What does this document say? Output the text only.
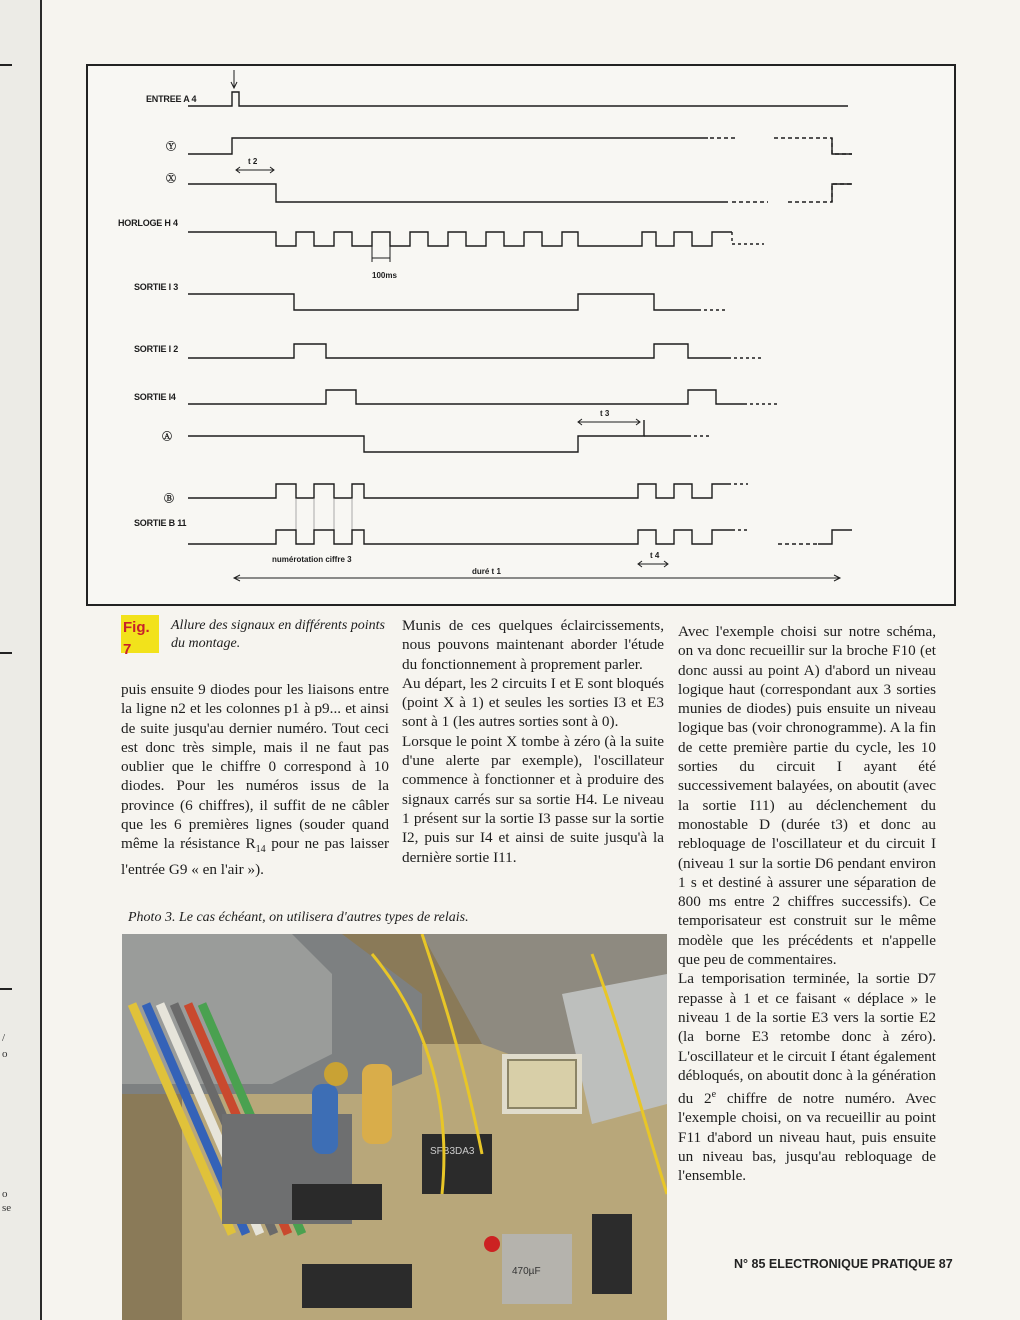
/
o
o
se
ENTREE A 4
Ⓨ
Ⓧ
HORLOGE H 4
SORTIE I 3
SORTIE I 2
SORTIE I4
Ⓐ
Ⓑ
SORTIE B 11
100ms
t 2
t 3
numérotation ciffre 3	t 4
duré t 1
Fig. 7
Allure des signaux en différents points du montage.

puis ensuite 9 diodes pour les liaisons entre la ligne n2 et les colonnes p1 à p9... et ainsi de suite jusqu'au dernier numéro. Tout ceci est donc très simple, mais il ne faut pas oublier que le chiffre 0 correspond à 10 diodes. Pour les numéros issus de la province (6 chiffres), il suffit de ne câbler que les 6 premières lignes (souder quand même la résistance $R_{14}$ pour ne pas laisser l'entrée G9 « en l'air »).

Munis de ces quelques éclaircissements, nous pouvons maintenant aborder l'étude du fonctionnement à proprement parler.

Au départ, les 2 circuits I et E sont bloqués (point X à 1) et seules les sorties I3 et E3 sont à 1 (les autres sorties sont à 0).

Lorsque le point X tombe à zéro (à la suite d'une alerte par exemple), l'oscillateur commence à fonctionner et à produire des signaux carrés sur sa sortie H4. Le niveau 1 présent sur la sortie I3 passe sur la sortie I2, puis sur I4 et ainsi de suite jusqu'à la dernière sortie I11.

Photo 3. Le cas échéant, on utilisera d'autres types de relais.
SFB3DA3
470µF

Avec l'exemple choisi sur notre schéma, on va donc recueillir sur la broche F10 (et donc aussi au point A) d'abord un niveau logique haut (correspondant aux 3 sorties munies de diodes) puis ensuite un niveau logique bas (voir chronogramme). A la fin de cette première partie du cycle, les 10 sorties du circuit I ayant été successivement balayées, on aboutit (avec la sortie I11) au déclenchement du monostable D (durée t3) et donc au rebloquage de l'oscillateur et du circuit I (niveau 1 sur la sortie D6 pendant environ 1 s et destiné à assurer une séparation de 800 ms entre 2 chiffres successifs). Ce temporisateur est construit sur le même modèle que les précédents et n'appelle que peu de commentaires.

La temporisation terminée, la sortie D7 repasse à 1 et ce faisant « déplace » le niveau 1 de la sortie E3 vers la sortie E2 (la borne E3 retombe donc à zéro). L'oscillateur et le circuit I étant également débloqués, on aboutit donc à la génération du 2e chiffre de notre numéro. Avec l'exemple choisi, on va recueillir au point F11 d'abord un niveau haut, puis ensuite un niveau bas, jusqu'au rebloquage de l'ensemble.

N° 85 ELECTRONIQUE PRATIQUE 87
